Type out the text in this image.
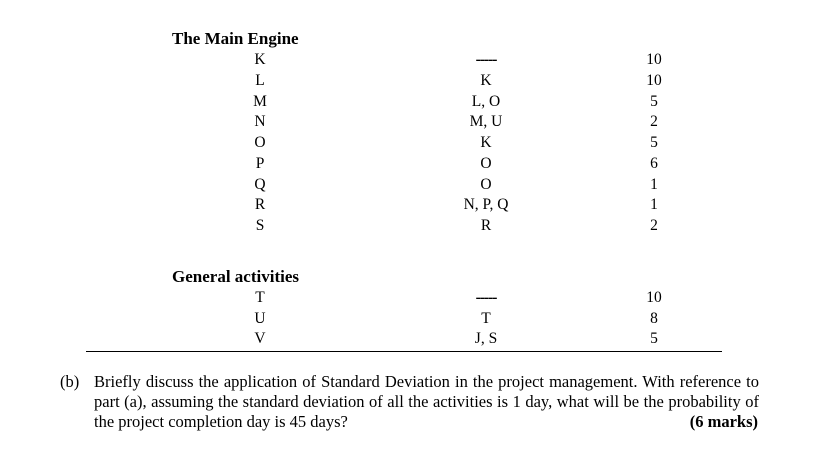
The Main Engine
K	-----	10
L	K	10
M	L, O	5
N	M, U	2
O	K	5
P	O	6
Q	O	1
R	N, P, Q	1
S	R	2
General activities
T	-----	10
U	T	8
V	J, S	5
(b) Briefly discuss the application of Standard Deviation in the project management. With reference to part (a), assuming the standard deviation of all the activities is 1 day, what will be the probability of the project completion day is 45 days?	(6 marks)
